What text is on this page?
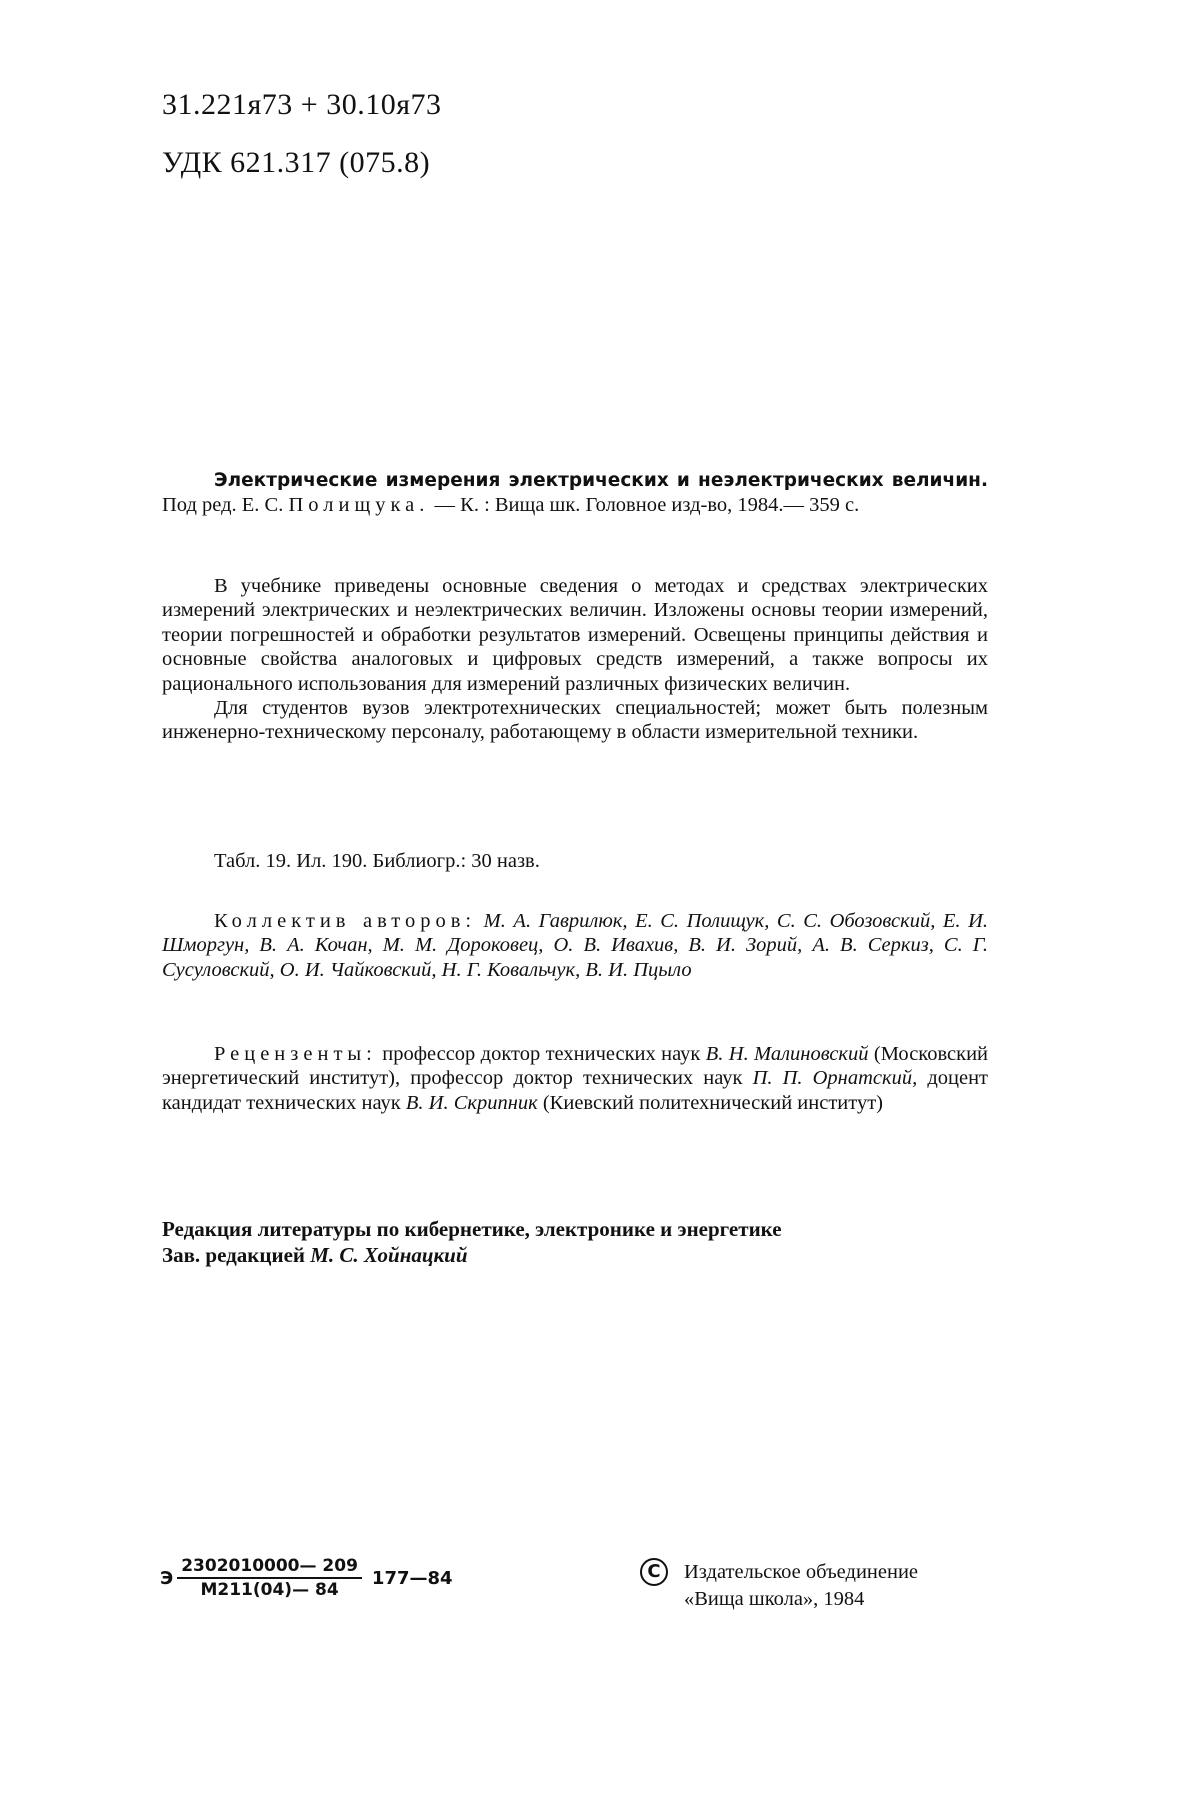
31.221я73 + 30.10я73
УДК 621.317 (075.8)

Электрические измерения электрических и неэлектрических величин. Под ред. Е. С. Полищука. — К. : Вища шк. Головное изд-во, 1984.— 359 с.

В учебнике приведены основные сведения о методах и средствах электрических измерений электрических и неэлектрических величин. Изложены основы теории измерений, теории погрешностей и обработки результатов измерений. Освещены принципы действия и основные свойства аналоговых и цифровых средств измерений, а также вопросы их рационального использования для измерений различных физических величин.

Для студентов вузов электротехнических специальностей; может быть полезным инженерно-техническому персоналу, работающему в области измерительной техники.

Табл. 19. Ил. 190. Библиогр.: 30 назв.

Коллектив авторов: М. А. Гаврилюк, Е. С. Полищук, С. С. Обозовский, Е. И. Шморгун, В. А. Кочан, М. М. Дороковец, О. В. Ивахив, В. И. Зорий, А. В. Серкиз, С. Г. Сусуловский, О. И. Чайковский, Н. Г. Ковальчук, В. И. Пцыло

Рецензенты: профессор доктор технических наук В. Н. Малиновский (Московский энергетический институт), профессор доктор технических наук П. П. Орнатский, доцент кандидат технических наук В. И. Скрипник (Киевский политехнический институт)

Редакция литературы по кибернетике, электронике и энергетике

Зав. редакцией М. С. Хойнацкий

Э $\frac{2302010000— 209}{М211(04)— 84}$ 177—84	C	Издательское объединение
«Вища школа», 1984
